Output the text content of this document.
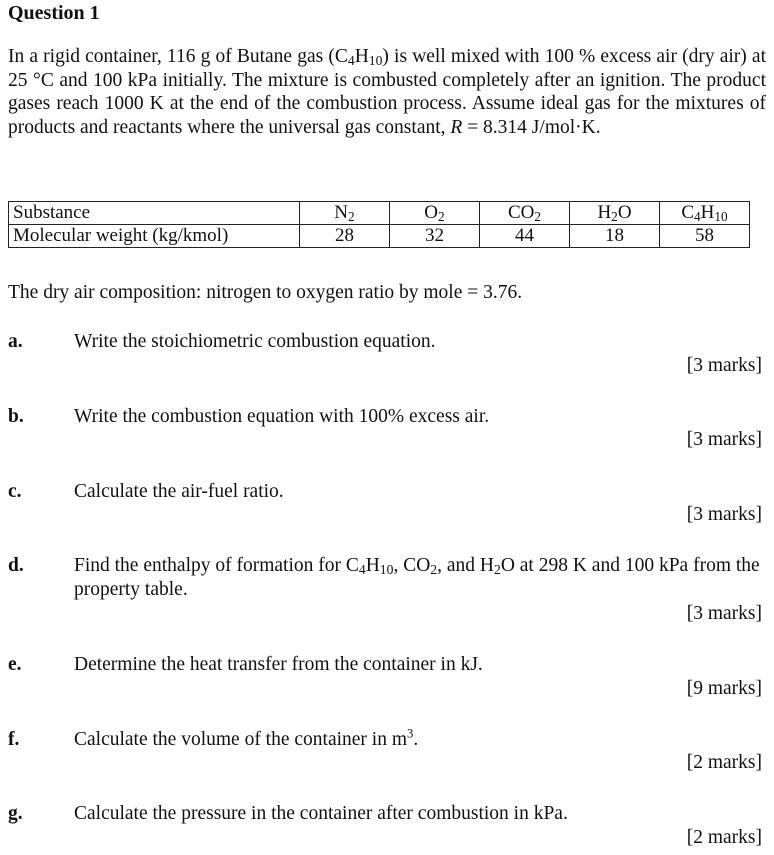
Question 1
In a rigid container, 116 g of Butane gas $(C_4H_{10})$ is well mixed with 100 % excess air (dry air) at 25 °C and 100 kPa initially. The mixture is combusted completely after an ignition. The product gases reach 1000 K at the end of the combustion process. Assume ideal gas for the mixtures of products and reactants where the universal gas constant, R = 8.314 J/mol·K.
Substance	$N_2$	$O_2$	$CO_2$	$H_2O$	$C_4H_{10}$
Molecular weight (kg/kmol)	28	32	44	18	58
The dry air composition: nitrogen to oxygen ratio by mole = 3.76.
a.	Write the stoichiometric combustion equation.
[3 marks]
b.	Write the combustion equation with 100% excess air.
[3 marks]
c.	Calculate the air-fuel ratio.
[3 marks]
d.	Find the enthalpy of formation for $C_4H_{10}$, $CO_2$, and $H_2O$ at 298 K and 100 kPa from the property table.
[3 marks]
e.	Determine the heat transfer from the container in kJ.
[9 marks]
f.	Calculate the volume of the container in $m^3$.
[2 marks]
g.	Calculate the pressure in the container after combustion in kPa.
[2 marks]
